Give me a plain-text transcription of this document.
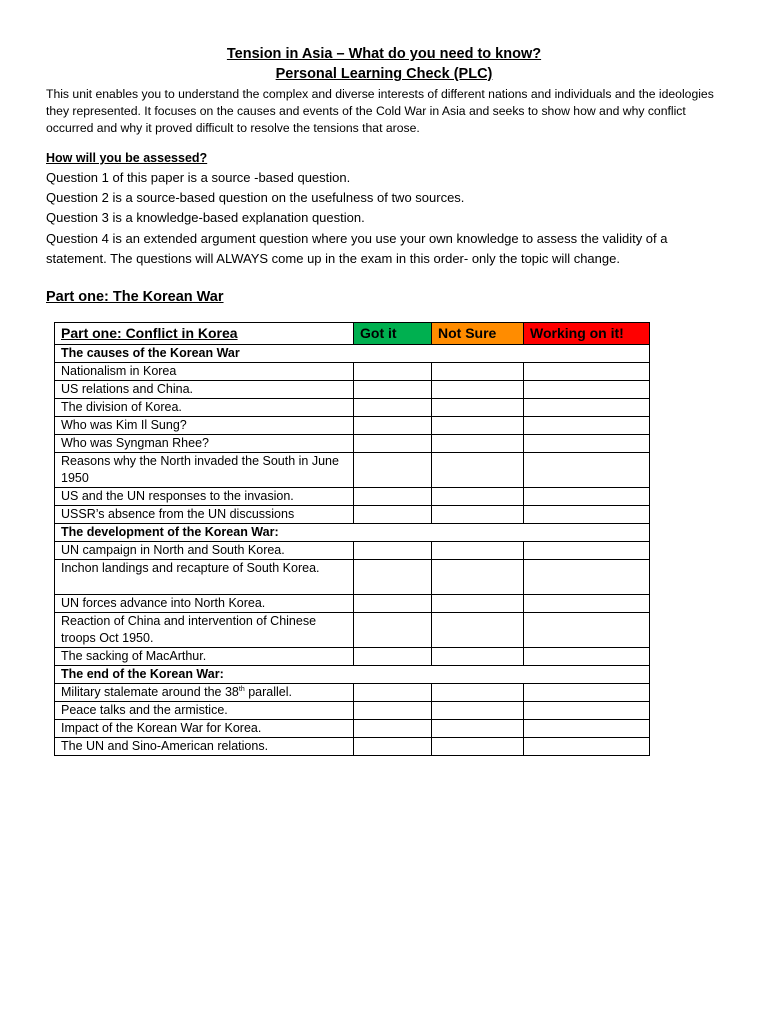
Tension in Asia – What do you need to know?
Personal Learning Check (PLC)

This unit enables you to understand the complex and diverse interests of different nations and individuals and the ideologies they represented. It focuses on the causes and events of the Cold War in Asia and seeks to show how and why conflict occurred and why it proved difficult to resolve the tensions that arose.

How will you be assessed?
Question 1 of this paper is a source -based question.
Question 2 is a source-based question on the usefulness of two sources.
Question 3 is a knowledge-based explanation question.
Question 4 is an extended argument question where you use your own knowledge to assess the validity of a statement. The questions will ALWAYS come up in the exam in this order- only the topic will change.
Part one: The Korean War
Part one: Conflict in Korea	Got it	Not Sure	Working on it!
The causes of the Korean War			
Nationalism in Korea			
US relations and China.			
The division of Korea.			
Who was Kim Il Sung?			
Who was Syngman Rhee?			
Reasons why the North invaded the South in June 1950			
US and the UN responses to the invasion.			
USSR’s absence from the UN discussions			
The development of the Korean War:			
UN campaign in North and South Korea.			
Inchon landings and recapture of South Korea.			
UN forces advance into North Korea.			
Reaction of China and intervention of Chinese troops Oct 1950.			
The sacking of MacArthur.			
The end of the Korean War:			
Military stalemate around the 38th parallel.			
Peace talks and the armistice.			
Impact of the Korean War for Korea.			
The UN and Sino-American relations.			
